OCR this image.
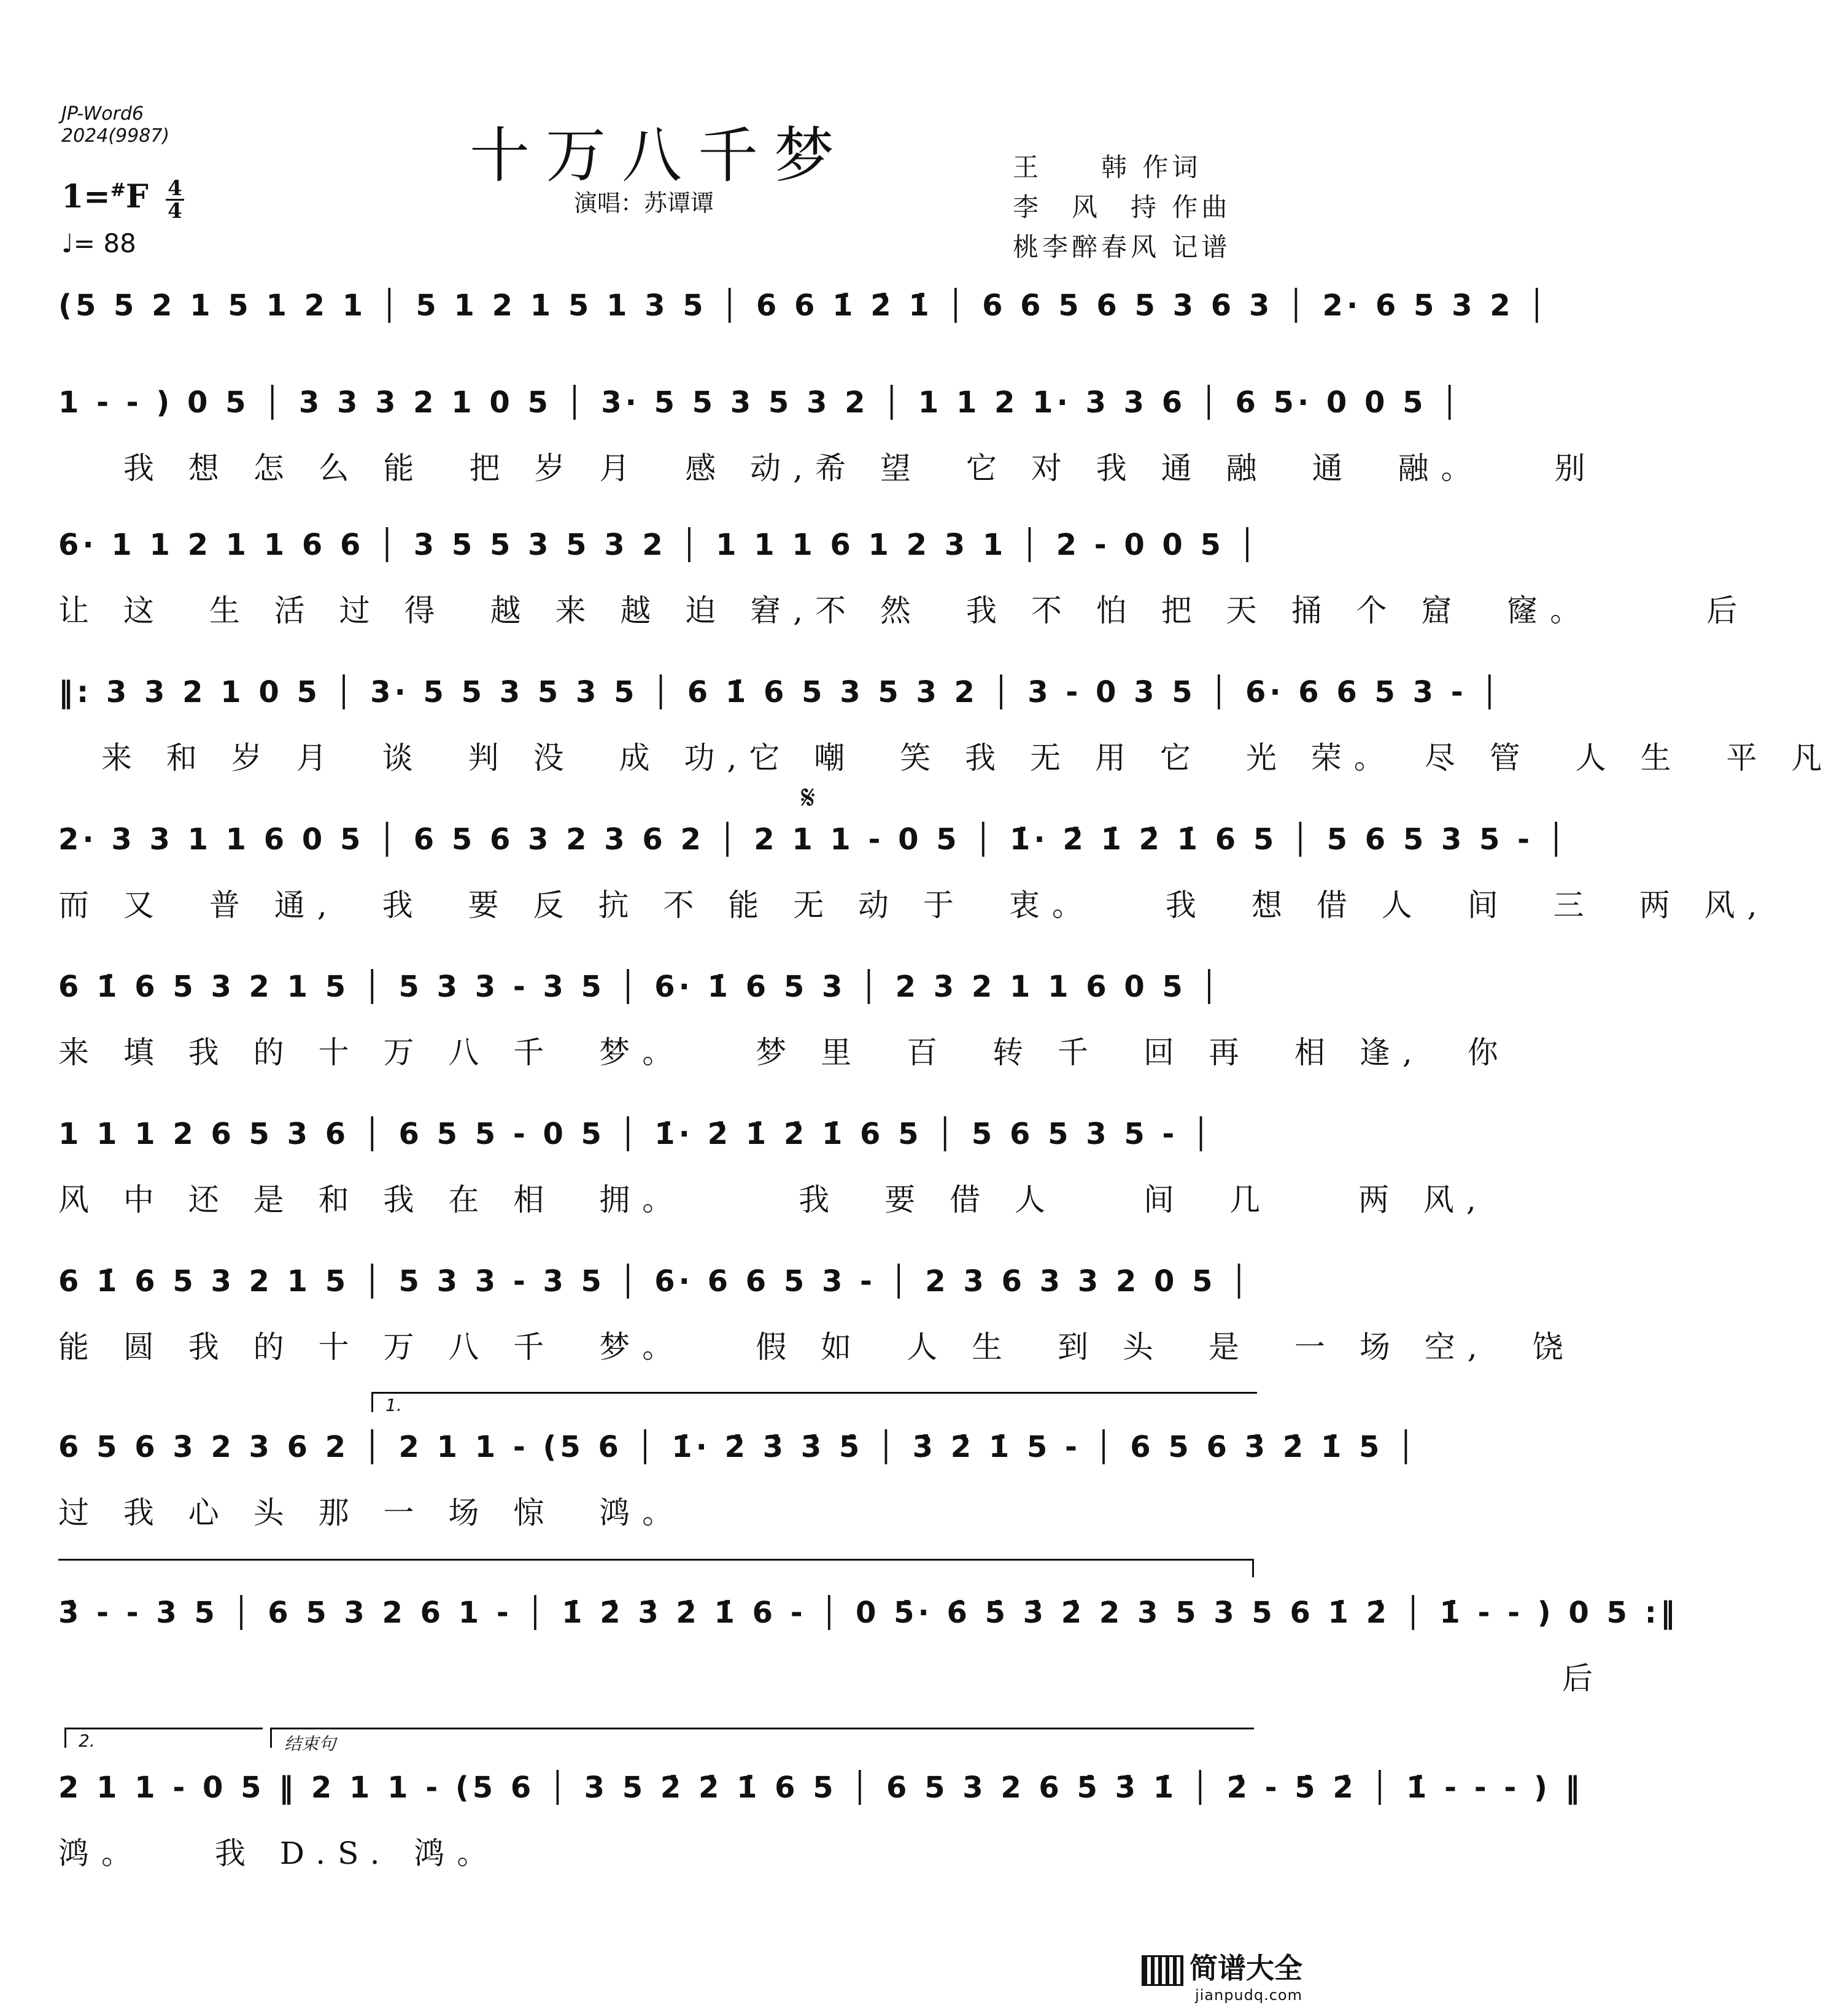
JP-Word6
2024(9987)	十万八千梦
1=#F 4
4
♩= 88
演唱：苏谭谭
王　　韩 作词
李　风　持 作曲
桃李醉春风 记谱
(5 5 2 1 5 1 2 1 │ 5 1 2 1 5 1 3 5 │ 6 6 1̇ 2̇ 1̇ │ 6 6 5 6 5 3 6 3 │ 2· 6 5 3 2 │
1 - - ) 0 5 │ 3 3 3 2 1 0 5 │ 3· 5 5 3 5 3 2 │ 1 1 2 1· 3 3 6 │ 6 5· 0 0 5 │
　 我 想 怎 么 能　把 岁 月　感 动,希 望　它 对 我 通 融　通　融。　　别
6· 1 1 2 1 1 6 6 │ 3 5 5 3 5 3 2 │ 1 1 1 6 1 2 3 1 │ 2 - 0 0 5 │
让 这　生 活 过 得　越 来 越 迫 窘,不 然　我 不 怕 把 天 捅 个 窟　窿。　　　后
‖: 3 3 2 1 0 5 │ 3· 5 5 3 5 3 5 │ 6 1̇ 6 5 3 5 3 2 │ 3 - 0 3 5 │ 6· 6 6 5 3 - │
　来 和 岁 月　谈　判 没　成 功,它 嘲　笑 我 无 用 它　光 荣。　尽 管　人 生　平 凡
𝄋
2· 3 3 1 1 6 0 5 │ 6 5 6 3 2 3 6 2 │ 2 1 1 - 0 5 │ 1̇· 2̇ 1̇ 2̇ 1̇ 6 5 │ 5 6 5 3 5 - │
而 又　普 通,　我　要 反 抗 不 能 无 动 于　衷。　　我　想 借 人　间　三　两 风,
6 1̇ 6 5 3 2 1 5 │ 5 3 3 - 3 5 │ 6· 1̇ 6 5 3 │ 2 3 2 1 1 6 0 5 │
来 填 我 的 十 万 八 千　梦。　　梦 里　百　转 千　回 再　相 逢,　你
1 1 1 2 6 5 3 6 │ 6 5 5 - 0 5 │ 1̇· 2̇ 1̇ 2̇ 1̇ 6 5 │ 5 6 5 3 5 - │
风 中 还 是 和 我 在 相　拥。　　　我　要 借 人　　间　几　　两 风,
6 1̇ 6 5 3 2 1 5 │ 5 3 3 - 3 5 │ 6· 6 6 5 3 - │ 2 3 6 3 3 2 0 5 │
能 圆 我 的 十 万 八 千　梦。　　假 如　人 生　到 头　是　一 场 空,　饶
1.
6 5 6 3 2 3 6 2 │ 2 1 1 - (5 6 │ 1̇· 2̇ 3̇ 3̇ 5̇ │ 3̇ 2̇ 1̇ 5 - │ 6 5 6 3̇ 2̇ 1̇ 5 │
过 我 心 头 那 一 场 惊　鸿。
3̇ - - 3 5 │ 6 5 3 2 6 1 - │ 1̇ 2̇ 3̇ 2̇ 1̇ 6 - │ 0 5̇· 6̇ 5̇ 3̇ 2̇ 2 3 5 3 5 6 1̇ 2̇ │ 1̇ - - ) 0 5 :‖
　　　　　　　　　　　　　　　　　　　　　　　　　　　　　　　　　　　后
2.	结束句
2 1 1 - 0 5 ‖ 2 1 1 - (5 6 │ 3 5 2̇ 2̇ 1̇ 6 5 │ 6 5 3 2 6 5̇ 3̇ 1̇ │ 2̇ - 5̇ 2̇ │ 1̇ - - - ) ‖
鸿。　　我 D.S. 鸿。
简谱大全
jianpudq.com
